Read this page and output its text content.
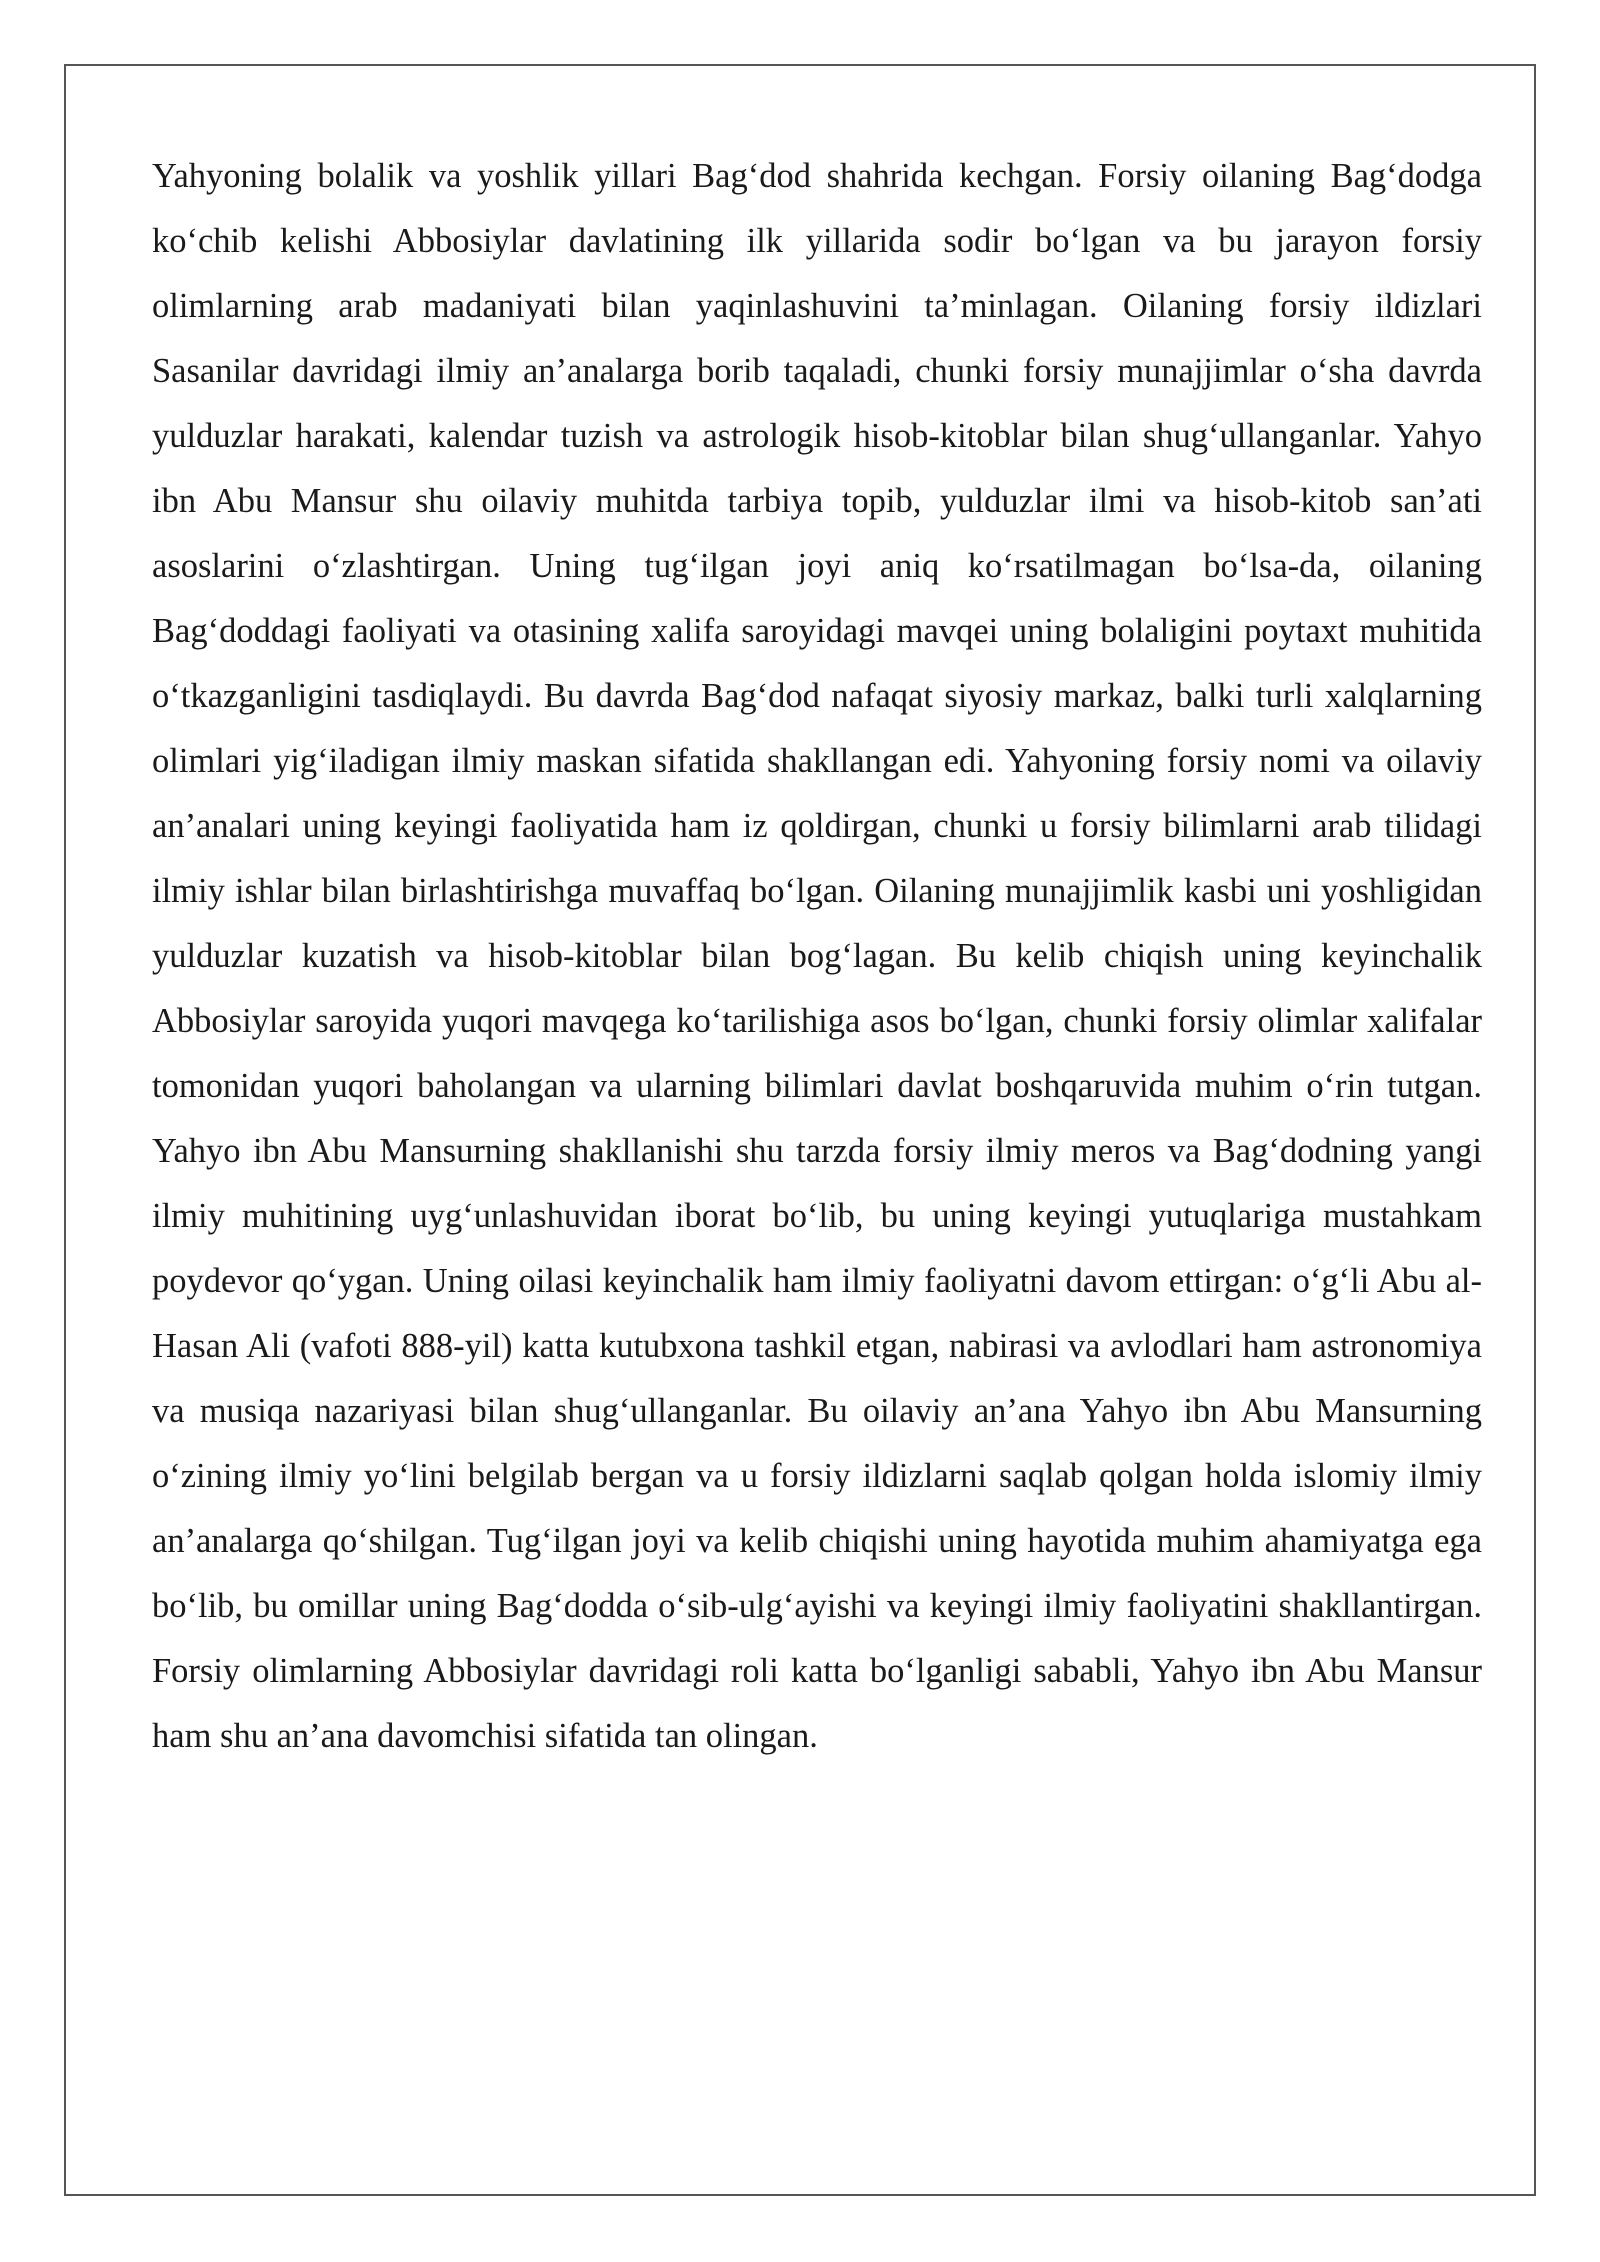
Yahyoning bolalik va yoshlik yillari Bag‘dod shahrida kechgan. Forsiy oilaning Bag‘dodga ko‘chib kelishi Abbosiylar davlatining ilk yillarida sodir bo‘lgan va bu jarayon forsiy olimlarning arab madaniyati bilan yaqinlashuvini ta’minlagan. Oilaning forsiy ildizlari Sasanilar davridagi ilmiy an’analarga borib taqaladi, chunki forsiy munajjimlar o‘sha davrda yulduzlar harakati, kalendar tuzish va astrologik hisob-kitoblar bilan shug‘ullanganlar. Yahyo ibn Abu Mansur shu oilaviy muhitda tarbiya topib, yulduzlar ilmi va hisob-kitob san’ati asoslarini o‘zlashtirgan. Uning tug‘ilgan joyi aniq ko‘rsatilmagan bo‘lsa-da, oilaning Bag‘doddagi faoliyati va otasining xalifa saroyidagi mavqei uning bolaligini poytaxt muhitida o‘tkazganligini tasdiqlaydi. Bu davrda Bag‘dod nafaqat siyosiy markaz, balki turli xalqlarning olimlari yig‘iladigan ilmiy maskan sifatida shakllangan edi. Yahyoning forsiy nomi va oilaviy an’analari uning keyingi faoliyatida ham iz qoldirgan, chunki u forsiy bilimlarni arab tilidagi ilmiy ishlar bilan birlashtirishga muvaffaq bo‘lgan. Oilaning munajjimlik kasbi uni yoshligidan yulduzlar kuzatish va hisob-kitoblar bilan bog‘lagan. Bu kelib chiqish uning keyinchalik Abbosiylar saroyida yuqori mavqega ko‘tarilishiga asos bo‘lgan, chunki forsiy olimlar xalifalar tomonidan yuqori baholangan va ularning bilimlari davlat boshqaruvida muhim o‘rin tutgan. Yahyo ibn Abu Mansurning shakllanishi shu tarzda forsiy ilmiy meros va Bag‘dodning yangi ilmiy muhitining uyg‘unlashuvidan iborat bo‘lib, bu uning keyingi yutuqlariga mustahkam poydevor qo‘ygan. Uning oilasi keyinchalik ham ilmiy faoliyatni davom ettirgan: o‘g‘li Abu al-Hasan Ali (vafoti 888-yil) katta kutubxona tashkil etgan, nabirasi va avlodlari ham astronomiya va musiqa nazariyasi bilan shug‘ullanganlar. Bu oilaviy an’ana Yahyo ibn Abu Mansurning o‘zining ilmiy yo‘lini belgilab bergan va u forsiy ildizlarni saqlab qolgan holda islomiy ilmiy an’analarga qo‘shilgan. Tug‘ilgan joyi va kelib chiqishi uning hayotida muhim ahamiyatga ega bo‘lib, bu omillar uning Bag‘dodda o‘sib-ulg‘ayishi va keyingi ilmiy faoliyatini shakllantirgan. Forsiy olimlarning Abbosiylar davridagi roli katta bo‘lganligi sababli, Yahyo ibn Abu Mansur ham shu an’ana davomchisi sifatida tan olingan.
